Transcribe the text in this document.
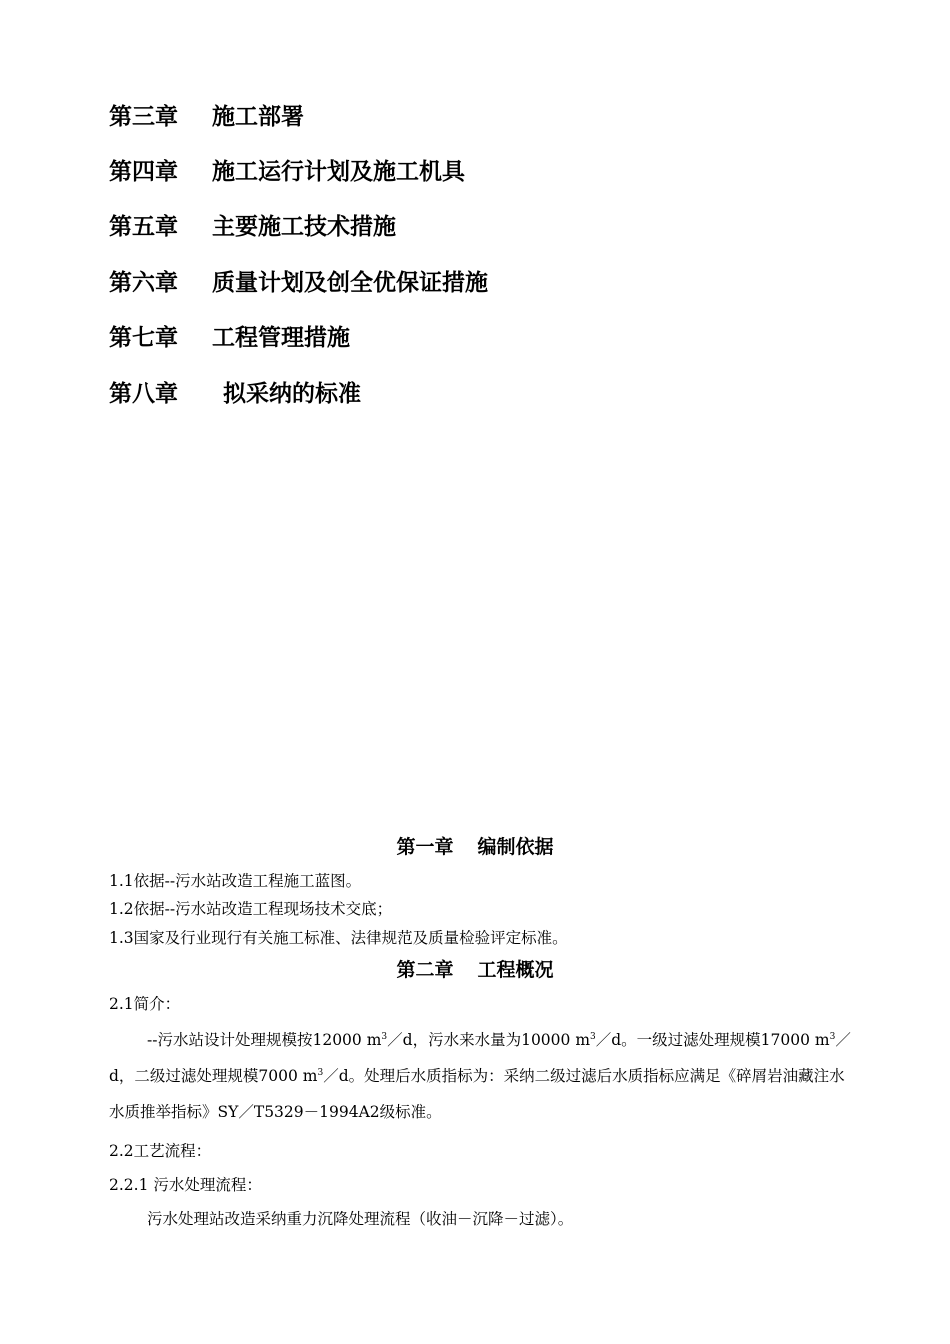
第三章 施工部署
第四章 施工运行计划及施工机具
第五章 主要施工技术措施
第六章 质量计划及创全优保证措施
第七章 工程管理措施
第八章 拟采纳的标准
第一章 编制依据
1.1依据--污水站改造工程施工蓝图。
1.2依据--污水站改造工程现场技术交底；
1.3国家及行业现行有关施工标准、法律规范及质量检验评定标准。
第二章 工程概况
2.1简介：
--污水站设计处理规模按12000 $m^3/d$，污水来水量为10000 $m^3/d$。一级过滤处理规模17000 $m^3/d$，二级过滤处理规模7000 $m^3/d$。处理后水质指标为：采纳二级过滤后水质指标应满足《碎屑岩油藏注水水质推举指标》SY／T5329－1994A2级标准。
2.2工艺流程：
2.2.1 污水处理流程：
污水处理站改造采纳重力沉降处理流程（收油－沉降－过滤）。
